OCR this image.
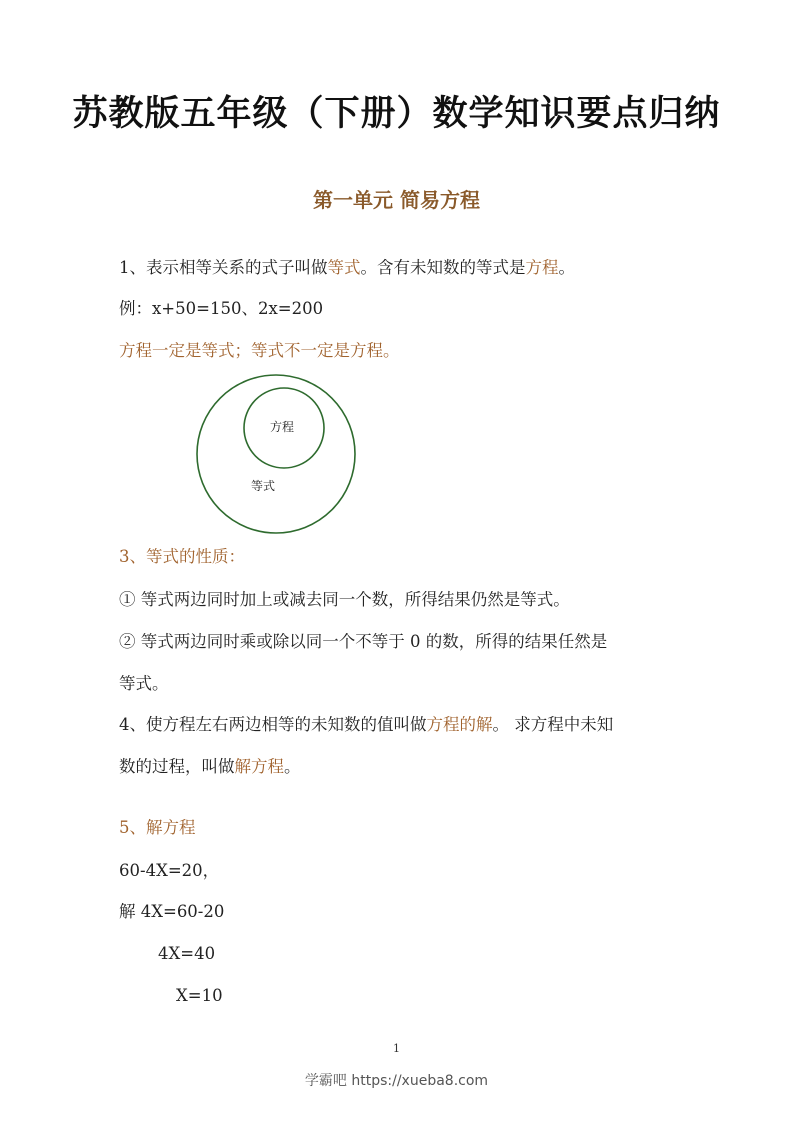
苏教版五年级（下册）数学知识要点归纳
第一单元 简易方程
1、表示相等关系的式子叫做等式。含有未知数的等式是方程。
例：x+50=150、2x=200
方程一定是等式；等式不一定是方程。
方程
等式
3、等式的性质：
① 等式两边同时加上或减去同一个数，所得结果仍然是等式。
② 等式两边同时乘或除以同一个不等于 0 的数，所得的结果任然是
等式。
4、使方程左右两边相等的未知数的值叫做方程的解。 求方程中未知
数的过程，叫做解方程。
5、解方程
60-4X=20，
解 4X=60-20
4X=40
X=10
1
学霸吧 https://xueba8.com
